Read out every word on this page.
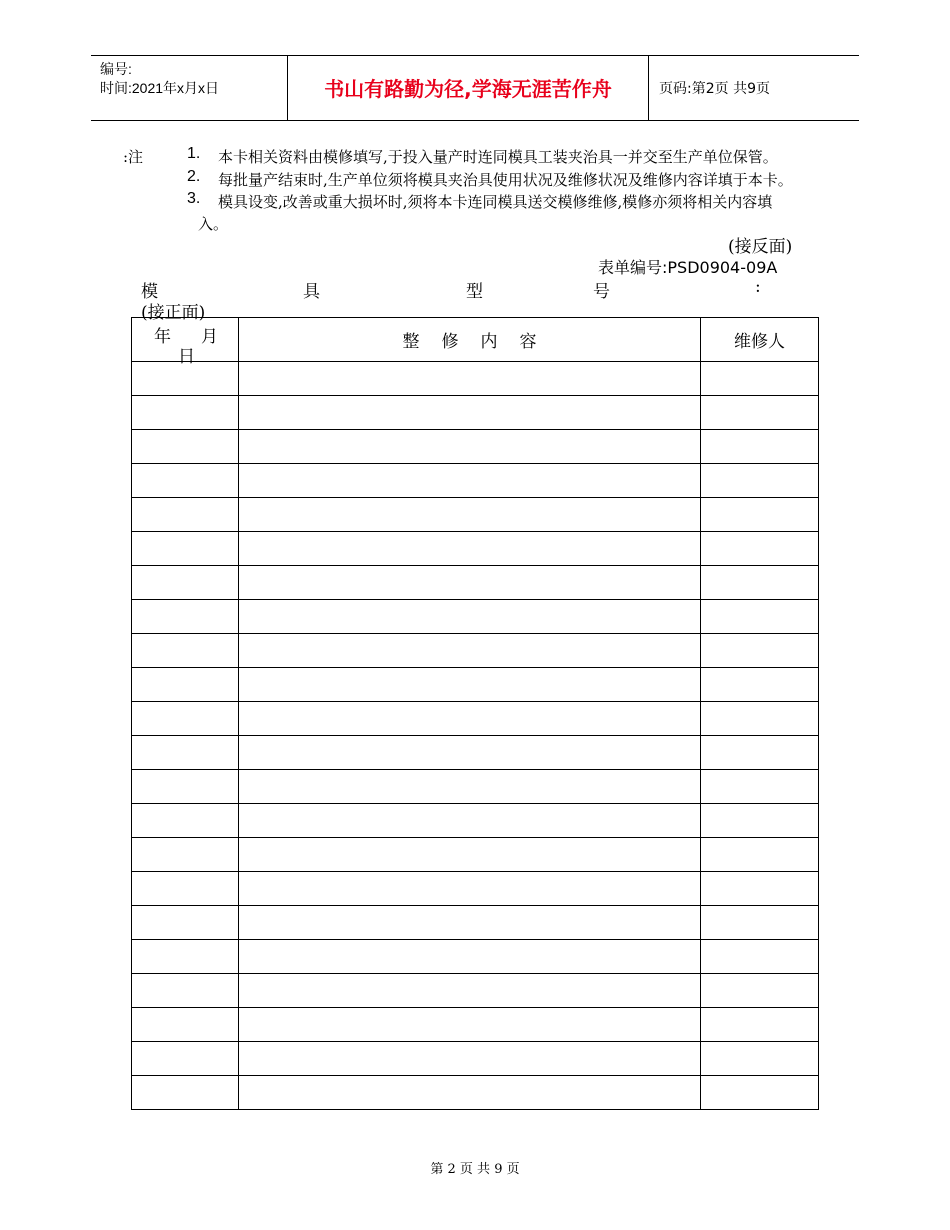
编号:
时间:2021年x月x日	书山有路勤为径,学海无涯苦作舟	页码:第2页 共9页
:注	1. 本卡相关资料由模修填写,于投入量产时连同模具工装夹治具一并交至生产单位保管。
2. 每批量产结束时,生产单位须将模具夹治具使用状况及维修状况及维修内容详填于本卡。
3. 模具设变,改善或重大损坏时,须将本卡连同模具送交模修维修,模修亦须将相关内容填
入。
(接反面)
表单编号:PSD0904-09A
模	具	型	号	:
(接正面)
年 月
日	整修内容	维修人

第 2 页 共 9 页
